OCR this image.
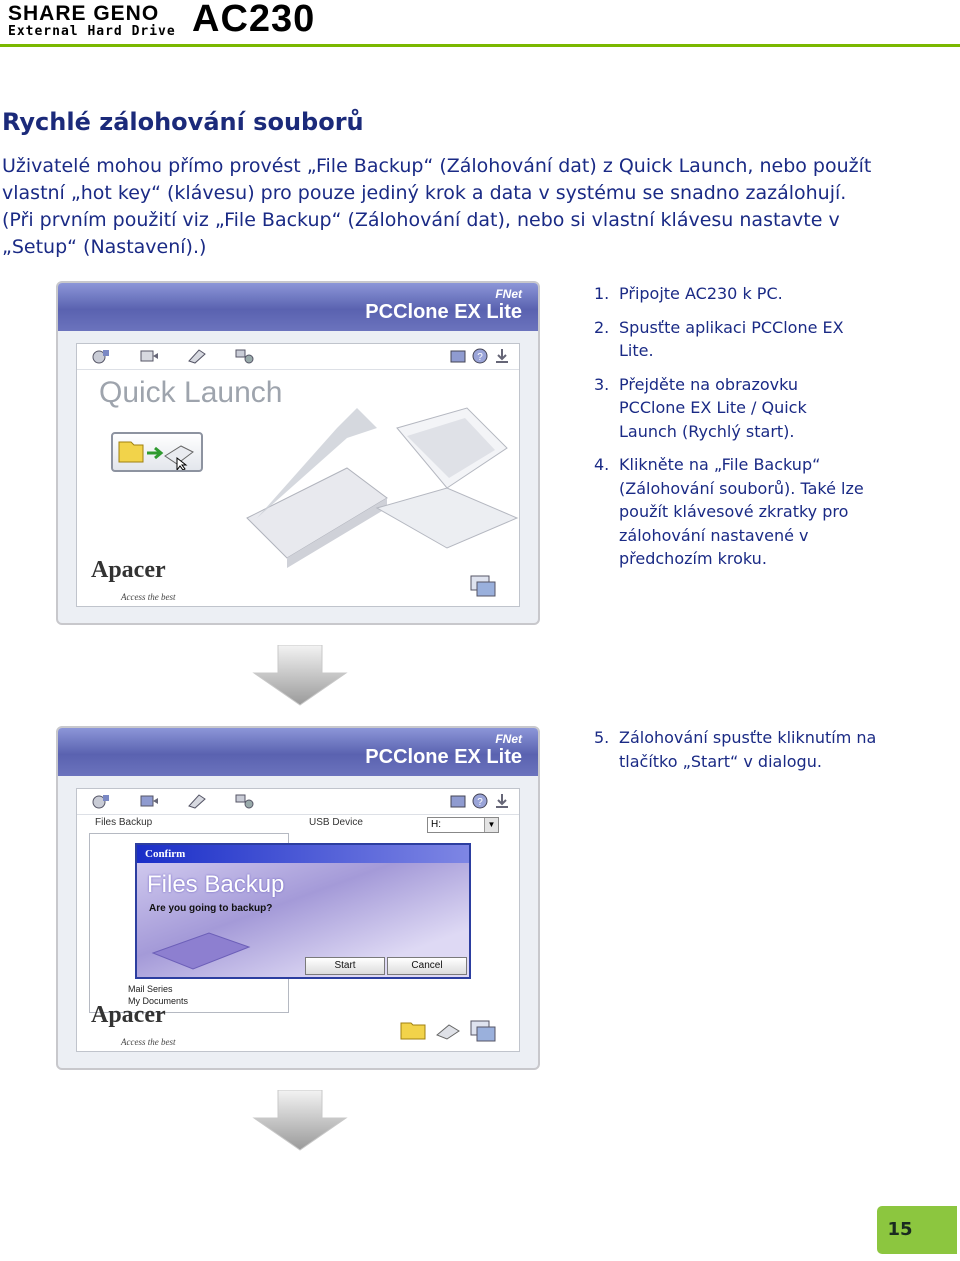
SHARE GENO
External Hard Drive AC230
Rychlé zálohování souborů

Uživatelé mohou přímo provést „File Backup“ (Zálohování dat) z Quick Launch, nebo použít vlastní „hot key“ (klávesu) pro pouze jediný krok a data v systému se snadno zazálohují. (Při prvním použití viz „File Backup“ (Zálohování dat), nebo si vlastní klávesu nastavte v „Setup“ (Nastavení).)

FNet
PCClone EX Lite
?
Quick Launch
Apacer
Access the best
FNet
PCClone EX Lite
?
Files Backup	USB Device	H:	▼
Mail Series
My Documents
Confirm
Files Backup
Are you going to backup?
Start	Cancel
Apacer
Access the best
1. Připojte AC230 k PC.
2. Spusťte aplikaci PCClone EX Lite.
3. Přejděte na obrazovku PCClone EX Lite / Quick Launch (Rychlý start).
4. Klikněte na „File Backup“ (Zálohování souborů). Také lze použít klávesové zkratky pro zálohování nastavené v předchozím kroku.
5. Zálohování spusťte kliknutím na tlačítko „Start“ v dialogu.
15
